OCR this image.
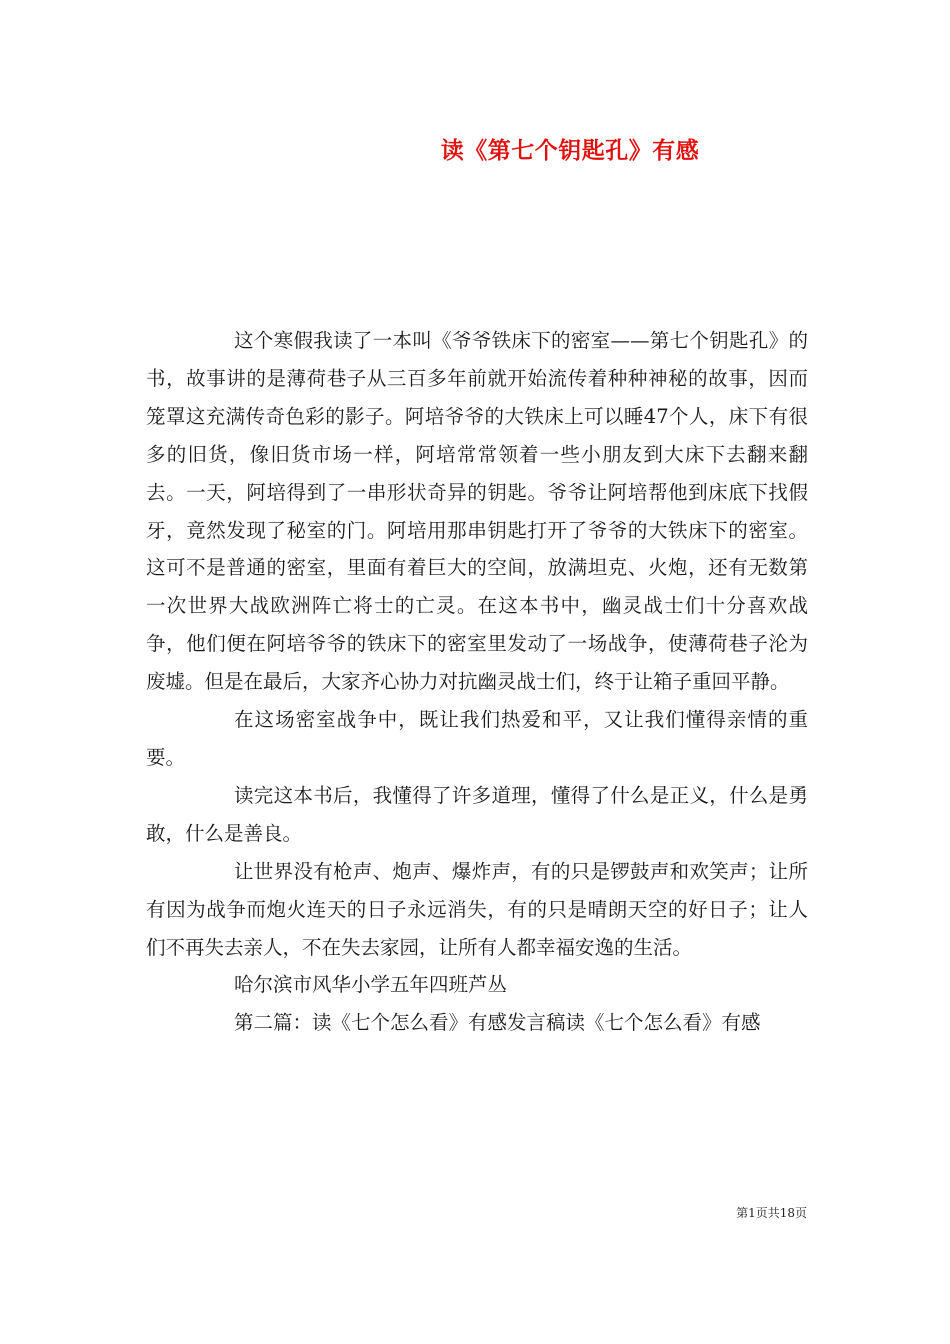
读《第七个钥匙孔》有感

这个寒假我读了一本叫《爷爷铁床下的密室——第七个钥匙孔》的书，故事讲的是薄荷巷子从三百多年前就开始流传着种种神秘的故事，因而笼罩这充满传奇色彩的影子。阿培爷爷的大铁床上可以睡47个人，床下有很多的旧货，像旧货市场一样，阿培常常领着一些小朋友到大床下去翻来翻去。一天，阿培得到了一串形状奇异的钥匙。爷爷让阿培帮他到床底下找假牙，竟然发现了秘室的门。阿培用那串钥匙打开了爷爷的大铁床下的密室。这可不是普通的密室，里面有着巨大的空间，放满坦克、火炮，还有无数第一次世界大战欧洲阵亡将士的亡灵。在这本书中，幽灵战士们十分喜欢战争，他们便在阿培爷爷的铁床下的密室里发动了一场战争，使薄荷巷子沦为废墟。但是在最后，大家齐心协力对抗幽灵战士们，终于让箱子重回平静。

在这场密室战争中，既让我们热爱和平，又让我们懂得亲情的重要。

读完这本书后，我懂得了许多道理，懂得了什么是正义，什么是勇敢，什么是善良。

让世界没有枪声、炮声、爆炸声，有的只是锣鼓声和欢笑声；让所有因为战争而炮火连天的日子永远消失，有的只是晴朗天空的好日子；让人们不再失去亲人，不在失去家园，让所有人都幸福安逸的生活。

哈尔滨市风华小学五年四班芦丛

第二篇：读《七个怎么看》有感发言稿读《七个怎么看》有感

第1页共18页
